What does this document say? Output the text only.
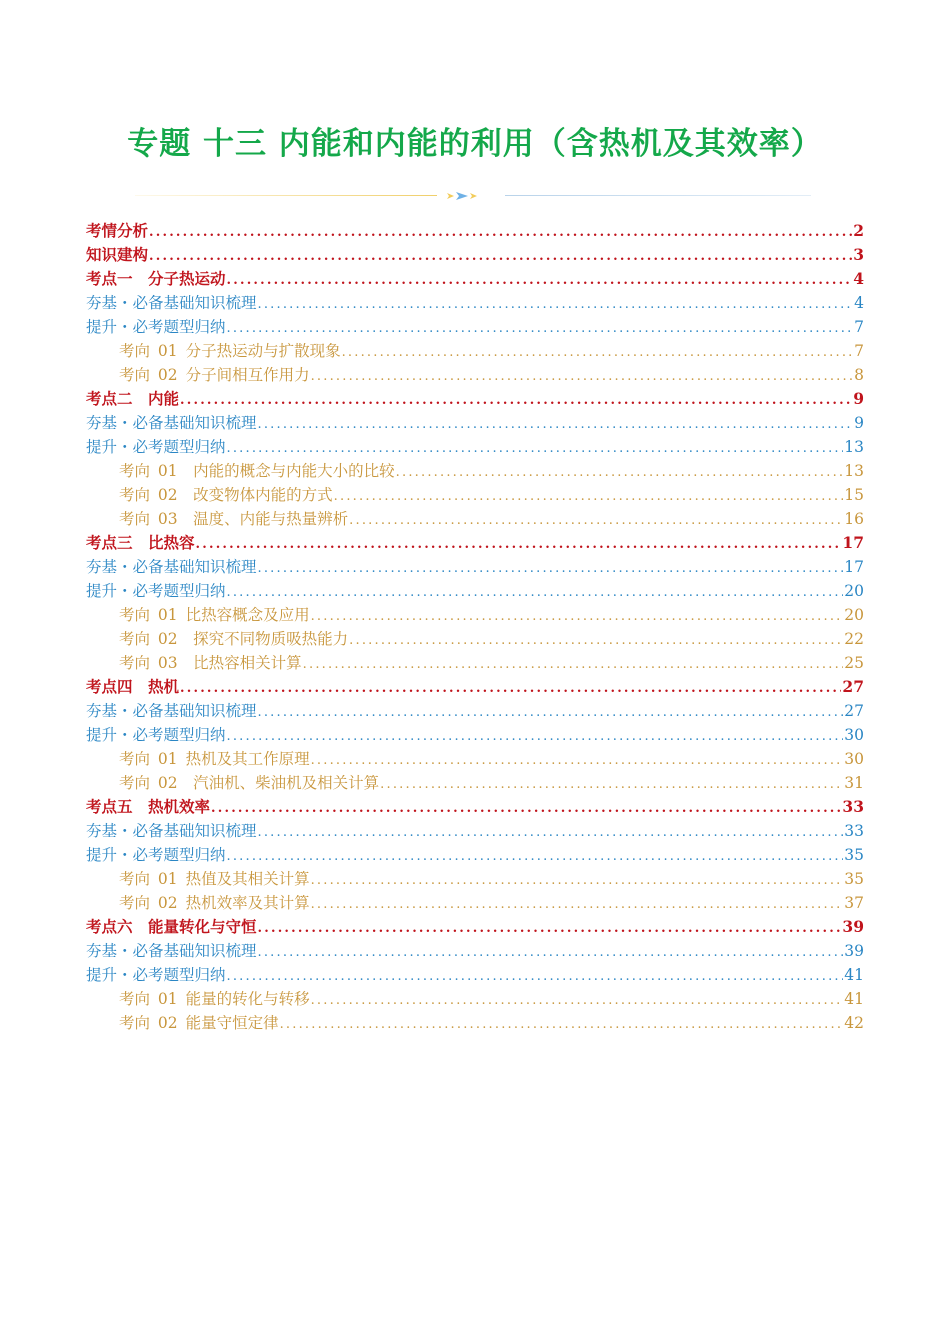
专题 十三 内能和内能的利用（含热机及其效率）
考情分析 .....	2
知识建构 .....	3
考点一　分子热运动 .....	4
夯基・必备基础知识梳理 .....	4
提升・必考题型归纳 .....	7
考向 01 分子热运动与扩散现象 .....	7
考向 02 分子间相互作用力 .....	8
考点二　内能 .....	9
夯基・必备基础知识梳理 .....	9
提升・必考题型归纳 .....	13
考向 01　内能的概念与内能大小的比较 .....	13
考向 02　改变物体内能的方式 .....	15
考向 03　温度、内能与热量辨析 .....	16
考点三　比热容 .....	17
夯基・必备基础知识梳理 .....	17
提升・必考题型归纳 .....	20
考向 01 比热容概念及应用 .....	20
考向 02　探究不同物质吸热能力 .....	22
考向 03　比热容相关计算 .....	25
考点四　热机 .....	27
夯基・必备基础知识梳理 .....	27
提升・必考题型归纳 .....	30
考向 01 热机及其工作原理 .....	30
考向 02　汽油机、柴油机及相关计算 .....	31
考点五　热机效率 .....	33
夯基・必备基础知识梳理 .....	33
提升・必考题型归纳 .....	35
考向 01 热值及其相关计算 .....	35
考向 02 热机效率及其计算 .....	37
考点六　能量转化与守恒 .....	39
夯基・必备基础知识梳理 .....	39
提升・必考题型归纳 .....	41
考向 01 能量的转化与转移 .....	41
考向 02 能量守恒定律 .....	42
